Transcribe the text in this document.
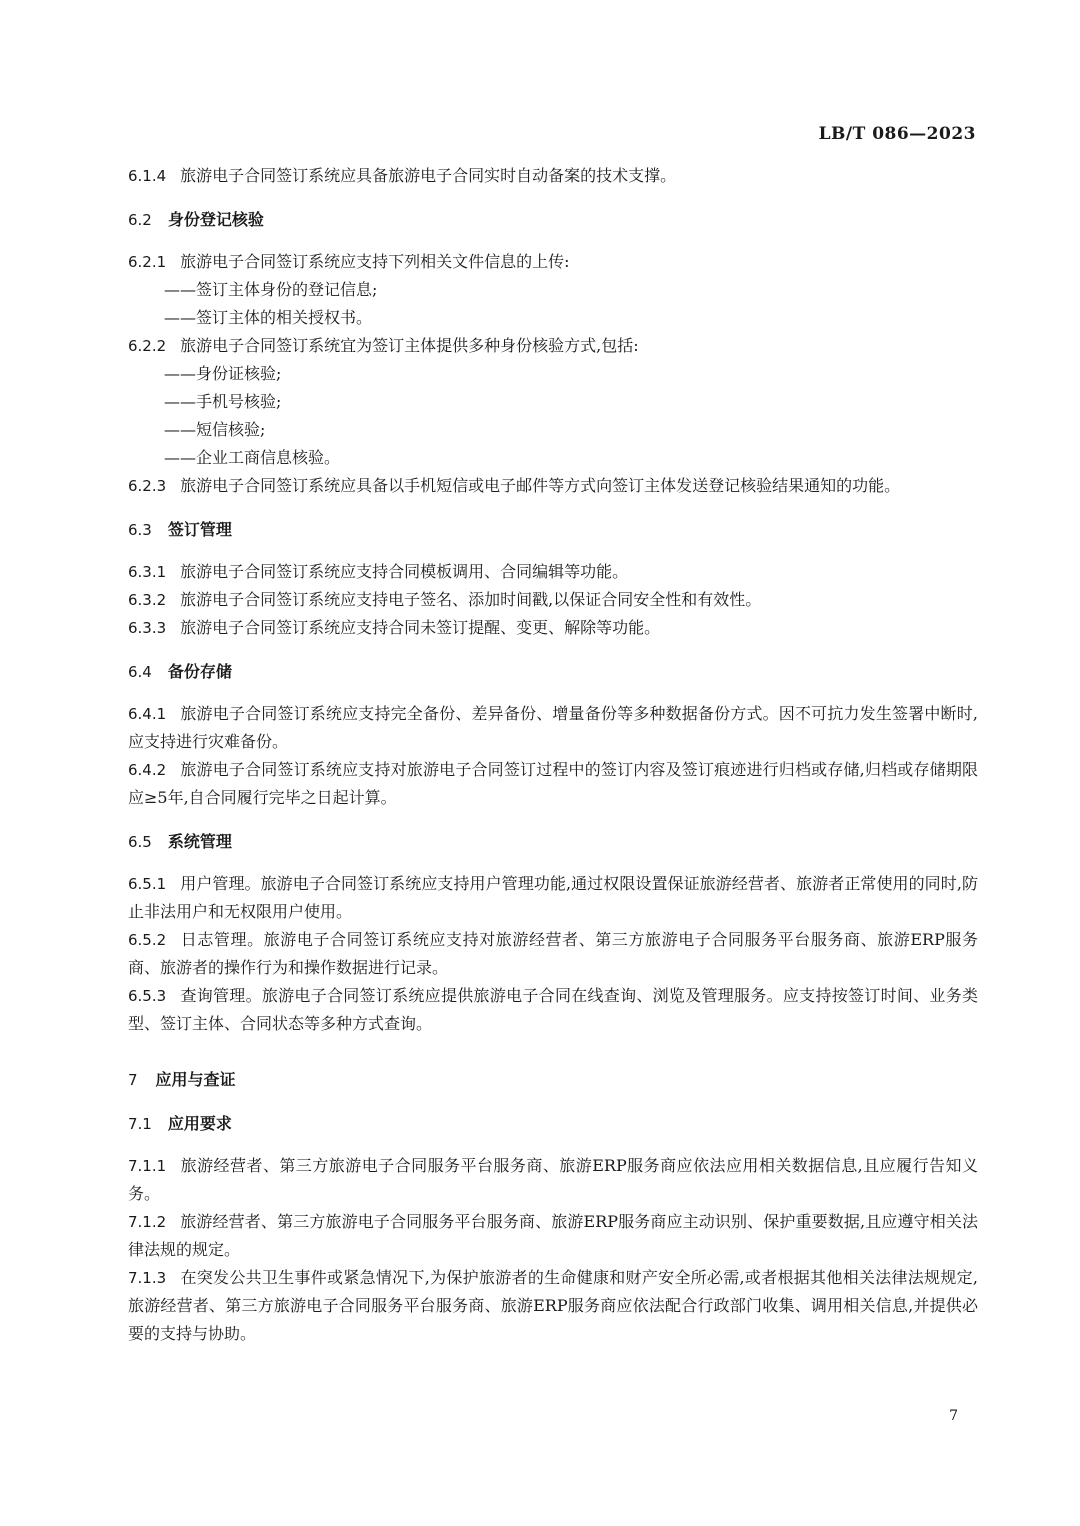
LB/T 086—2023

6.1.4 旅游电子合同签订系统应具备旅游电子合同实时自动备案的技术支撑。

6.2 身份登记核验

6.2.1 旅游电子合同签订系统应支持下列相关文件信息的上传:

——签订主体身份的登记信息;

——签订主体的相关授权书。

6.2.2 旅游电子合同签订系统宜为签订主体提供多种身份核验方式,包括:

——身份证核验;

——手机号核验;

——短信核验;

——企业工商信息核验。

6.2.3 旅游电子合同签订系统应具备以手机短信或电子邮件等方式向签订主体发送登记核验结果通知的功能。

6.3 签订管理

6.3.1 旅游电子合同签订系统应支持合同模板调用、合同编辑等功能。

6.3.2 旅游电子合同签订系统应支持电子签名、添加时间戳,以保证合同安全性和有效性。

6.3.3 旅游电子合同签订系统应支持合同未签订提醒、变更、解除等功能。

6.4 备份存储

6.4.1 旅游电子合同签订系统应支持完全备份、差异备份、增量备份等多种数据备份方式。因不可抗力发生签署中断时,应支持进行灾难备份。

6.4.2 旅游电子合同签订系统应支持对旅游电子合同签订过程中的签订内容及签订痕迹进行归档或存储,归档或存储期限应≥5年,自合同履行完毕之日起计算。

6.5 系统管理

6.5.1 用户管理。旅游电子合同签订系统应支持用户管理功能,通过权限设置保证旅游经营者、旅游者正常使用的同时,防止非法用户和无权限用户使用。

6.5.2 日志管理。旅游电子合同签订系统应支持对旅游经营者、第三方旅游电子合同服务平台服务商、旅游ERP服务商、旅游者的操作行为和操作数据进行记录。

6.5.3 查询管理。旅游电子合同签订系统应提供旅游电子合同在线查询、浏览及管理服务。应支持按签订时间、业务类型、签订主体、合同状态等多种方式查询。

7 应用与查证

7.1 应用要求

7.1.1 旅游经营者、第三方旅游电子合同服务平台服务商、旅游ERP服务商应依法应用相关数据信息,且应履行告知义务。

7.1.2 旅游经营者、第三方旅游电子合同服务平台服务商、旅游ERP服务商应主动识别、保护重要数据,且应遵守相关法律法规的规定。

7.1.3 在突发公共卫生事件或紧急情况下,为保护旅游者的生命健康和财产安全所必需,或者根据其他相关法律法规规定,旅游经营者、第三方旅游电子合同服务平台服务商、旅游ERP服务商应依法配合行政部门收集、调用相关信息,并提供必要的支持与协助。

7
